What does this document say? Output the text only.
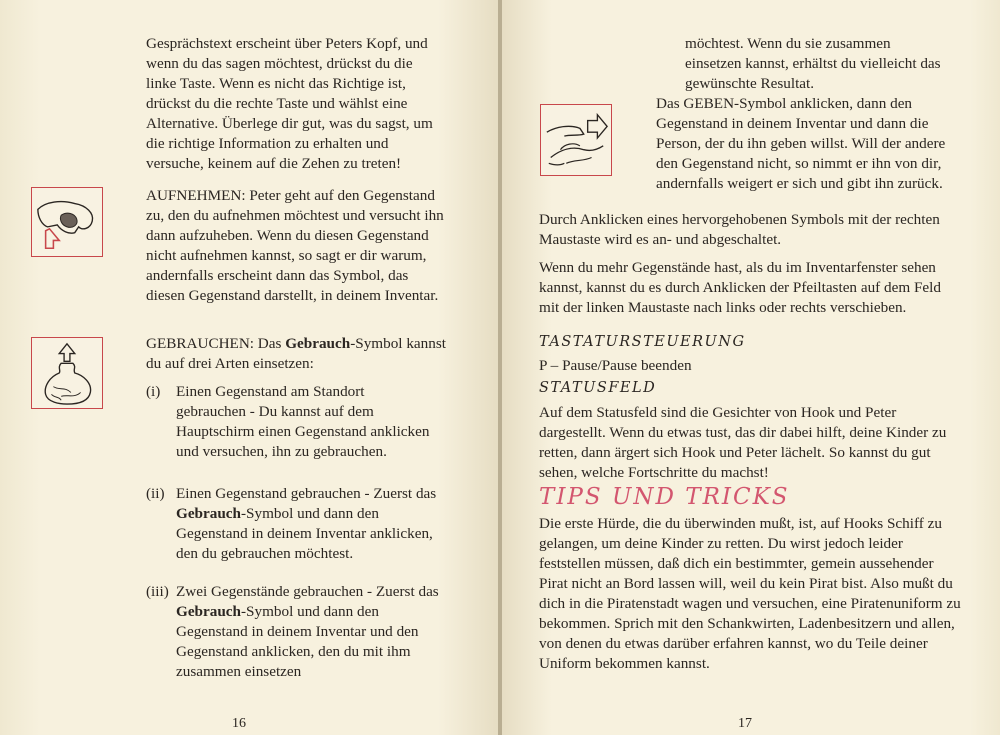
Gesprächstext erscheint über Peters Kopf, und wenn du das sagen möchtest, drückst du die linke Taste. Wenn es nicht das Richtige ist, drückst du die rechte Taste und wählst eine Alternative. Überlege dir gut, was du sagst, um die richtige Information zu erhalten und versuche, keinem auf die Zehen zu treten!

AUFNEHMEN: Peter geht auf den Gegenstand zu, den du aufnehmen möchtest und versucht ihn dann aufzuheben. Wenn du diesen Gegenstand nicht aufnehmen kannst, so sagt er dir warum, andernfalls erscheint dann das Symbol, das diesen Gegenstand darstellt, in deinem Inventar.

GEBRAUCHEN: Das Gebrauch-Symbol kannst du auf drei Arten einsetzen:

(i) Einen Gegenstand am Standort gebrauchen - Du kannst auf dem Hauptschirm einen Gegenstand anklicken und versuchen, ihn zu gebrauchen.

(ii) Einen Gegenstand gebrauchen - Zuerst das Gebrauch-Symbol und dann den Gegenstand in deinem Inventar anklicken, den du gebrauchen möchtest.

(iii) Zwei Gegenstände gebrauchen - Zuerst das Gebrauch-Symbol und dann den Gegenstand in deinem Inventar und den Gegenstand anklicken, den du mit ihm zusammen einsetzen

16

möchtest. Wenn du sie zusammen einsetzen kannst, erhältst du vielleicht das gewünschte Resultat.

Das GEBEN-Symbol anklicken, dann den Gegenstand in deinem Inventar und dann die Person, der du ihn geben willst. Will der andere den Gegenstand nicht, so nimmt er ihn von dir, andernfalls weigert er sich und gibt ihn zurück.

Durch Anklicken eines hervorgehobenen Symbols mit der rechten Maustaste wird es an- und abgeschaltet.

Wenn du mehr Gegenstände hast, als du im Inventarfenster sehen kannst, kannst du es durch Anklicken der Pfeiltasten auf dem Feld mit der linken Maustaste nach links oder rechts verschieben.

TASTATURSTEUERUNG

P – Pause/Pause beenden

STATUSFELD

Auf dem Statusfeld sind die Gesichter von Hook und Peter dargestellt. Wenn du etwas tust, das dir dabei hilft, deine Kinder zu retten, dann ärgert sich Hook und Peter lächelt. So kannst du gut sehen, welche Fortschritte du machst!

TIPS UND TRICKS

Die erste Hürde, die du überwinden mußt, ist, auf Hooks Schiff zu gelangen, um deine Kinder zu retten. Du wirst jedoch leider feststellen müssen, daß dich ein bestimmter, gemein aussehender Pirat nicht an Bord lassen will, weil du kein Pirat bist. Also mußt du dich in die Piratenstadt wagen und versuchen, eine Piratenuniform zu bekommen. Sprich mit den Schankwirten, Ladenbesitzern und allen, von denen du etwas darüber erfahren kannst, wo du Teile deiner Uniform bekommen kannst.

17
